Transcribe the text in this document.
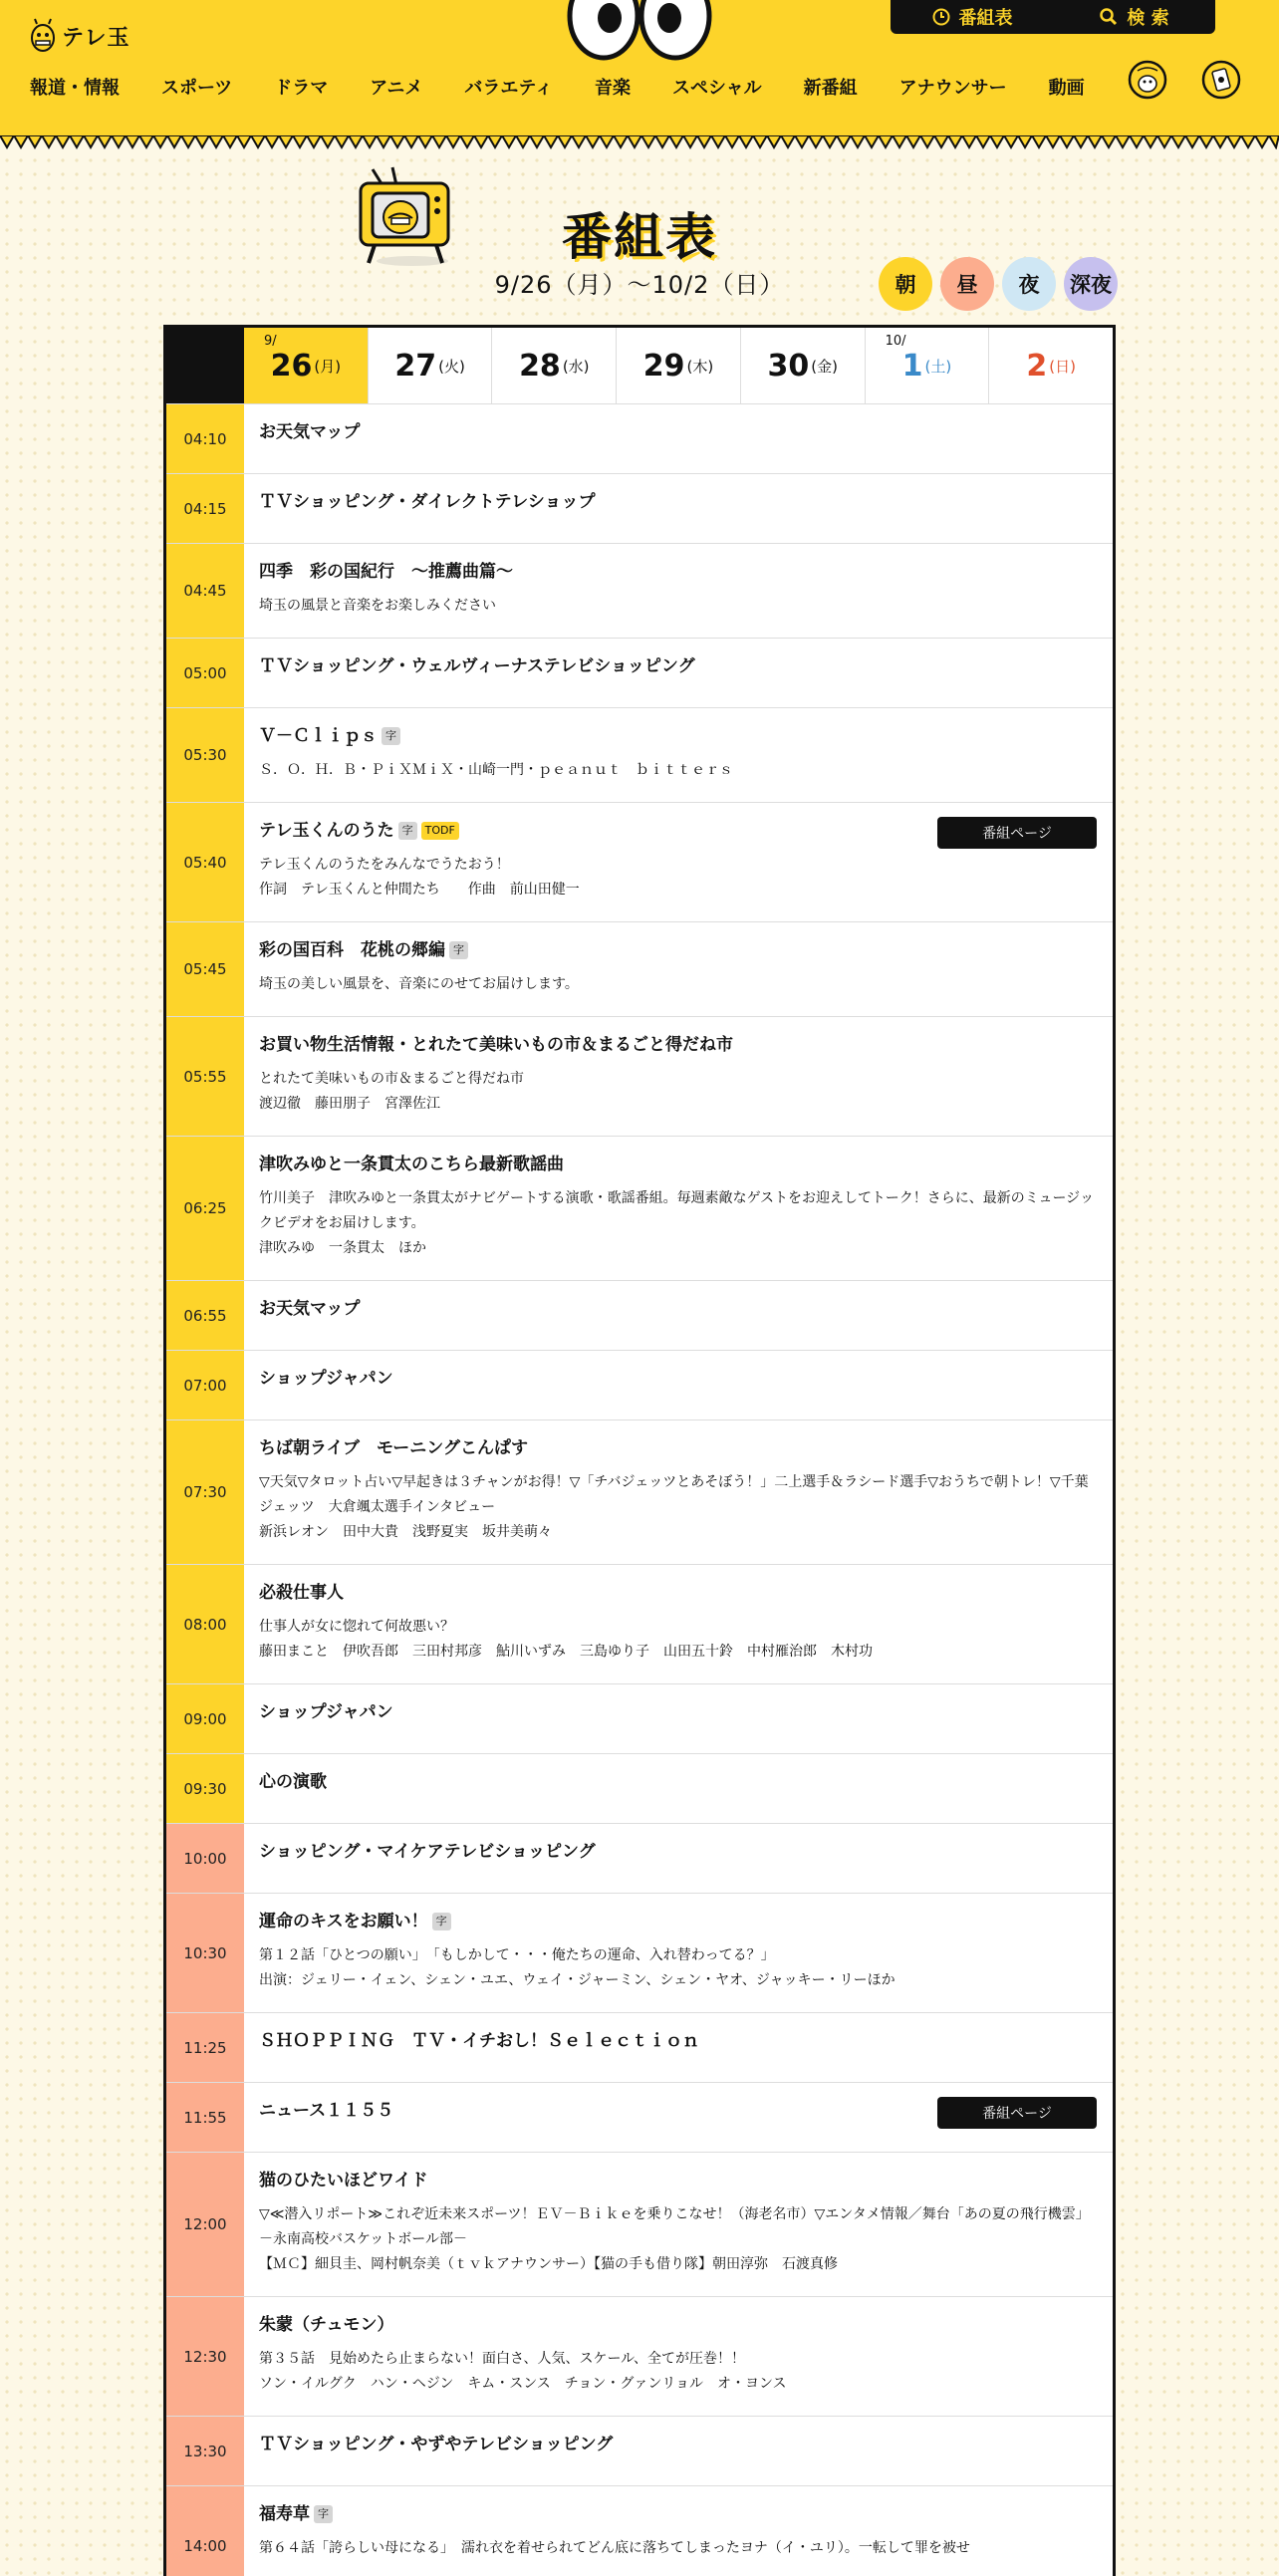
テレ玉
番組表	検 索
報道・情報 スポーツ ドラマ アニメ バラエティ 音楽 スペシャル 新番組 アナウンサー 動画
番組表
9/26（月）〜10/2（日）	朝	昼	夜	深夜
9/
26 (月) 27 (火) 28 (水) 29 (木) 30 (金)
10/
1 (土)	2 (日)
04:10	お天気マップ
04:15	ＴＶショッピング・ダイレクトテレショップ
04:45
四季　彩の国紀行　～推薦曲篇～
埼玉の風景と音楽をお楽しみください
05:00	ＴＶショッピング・ウェルヴィーナステレビショッピング
05:30
Ｖ－Ｃｌｉｐｓ 字
Ｓ．Ｏ．Ｈ．Ｂ・ＰｉＸＭｉＸ・山崎一門・ｐｅａｎｕｔ　ｂｉｔｔｅｒｓ
05:40
テレ玉くんのうた 字 TODF
テレ玉くんのうたをみんなでうたおう！
作詞　テレ玉くんと仲間たち　　作曲　前山田健一
番組ページ
05:45
彩の国百科　花桃の郷編 字
埼玉の美しい風景を、音楽にのせてお届けします。
05:55
お買い物生活情報・とれたて美味いもの市＆まるごと得だね市
とれたて美味いもの市＆まるごと得だね市
渡辺徹　藤田朋子　宮澤佐江
06:25
津吹みゆと一条貫太のこちら最新歌謡曲
竹川美子　津吹みゆと一条貫太がナビゲートする演歌・歌謡番組。毎週素敵なゲストをお迎えしてトーク！さらに、最新のミュージックビデオをお届けします。
津吹みゆ　一条貫太　ほか
06:55	お天気マップ
07:00	ショップジャパン
07:30
ちば朝ライブ　モーニングこんぱす
▽天気▽タロット占い▽早起きは３チャンがお得！▽「チバジェッツとあそぼう！」二上選手＆ラシード選手▽おうちで朝トレ！▽千葉ジェッツ　大倉颯太選手インタビュー
新浜レオン　田中大貴　浅野夏実　坂井美萌々
08:00
必殺仕事人
仕事人が女に惚れて何故悪い？
藤田まこと　伊吹吾郎　三田村邦彦　鮎川いずみ　三島ゆり子　山田五十鈴　中村雁治郎　木村功
09:00	ショップジャパン
09:30	心の演歌
10:00	ショッピング・マイケアテレビショッピング
10:30
運命のキスをお願い！ 字
第１２話「ひとつの願い」　「もしかして・・・俺たちの運命、入れ替わってる？」
出演：ジェリー・イェン、シェン・ユエ、ウェイ・ジャーミン、シェン・ヤオ、ジャッキー・リーほか
11:25	ＳＨＯＰＰＩＮＧ　ＴＶ・イチおし！Ｓｅｌｅｃｔｉｏｎ
11:55	ニュース１１５５	番組ページ
12:00
猫のひたいほどワイド
▽≪潜入リポート≫これぞ近未来スポーツ！ＥＶ－Ｂｉｋｅを乗りこなせ！（海老名市）▽エンタメ情報／舞台「あの夏の飛行機雲」－永南高校バスケットボール部－
【ＭＣ】細貝圭、岡村帆奈美（ｔｖｋアナウンサー）【猫の手も借り隊】朝田淳弥　石渡真修
12:30
朱蒙（チュモン）
第３５話　見始めたら止まらない！面白さ、人気、スケール、全てが圧巻！！
ソン・イルグク　ハン・ヘジン　キム・スンス　チョン・グァンリョル　オ・ヨンス
13:30	ＴＶショッピング・やずやテレビショッピング
14:00
福寿草 字
第６４話「誇らしい母になる」　濡れ衣を着せられてどん底に落ちてしまったヨナ（イ・ユリ）。一転して罪を被せ
